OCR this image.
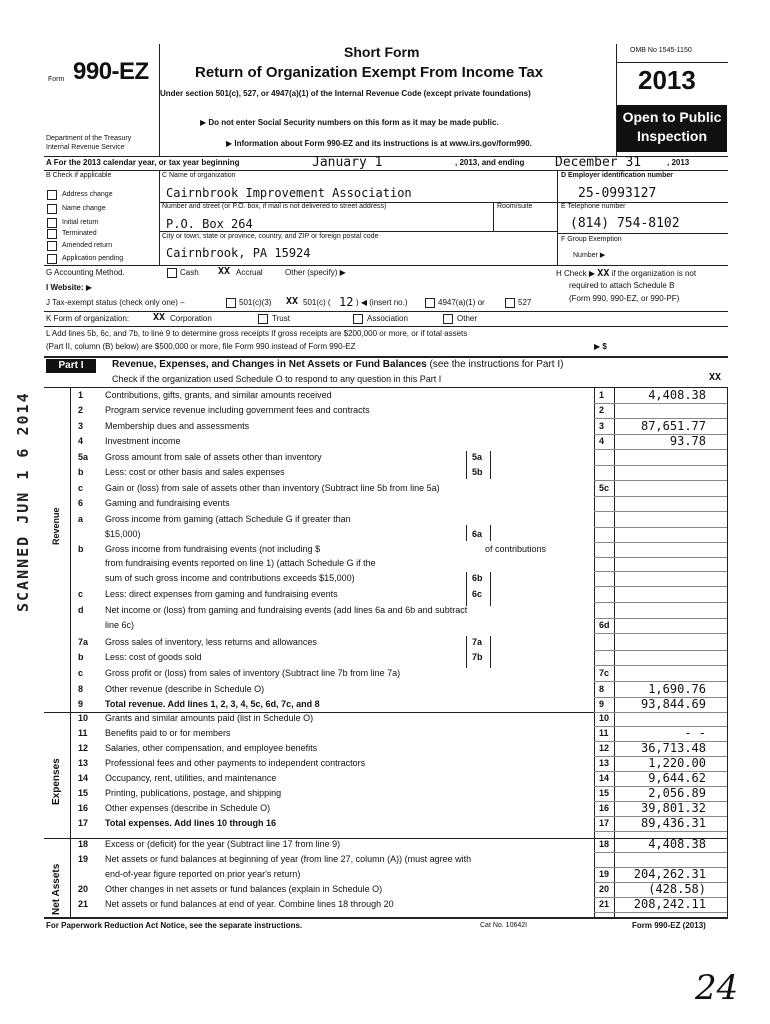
Form 990-EZ
Department of the Treasury
Internal Revenue Service
Short Form
Return of Organization Exempt From Income Tax
Under section 501(c), 527, or 4947(a)(1) of the Internal Revenue Code (except private foundations)
▶ Do not enter Social Security numbers on this form as it may be made public.
▶ Information about Form 990-EZ and its instructions is at www.irs.gov/form990.
OMB No 1545-1150
2013
Open to Public Inspection
A For the 2013 calendar year, or tax year beginning	January 1	, 2013, and ending December 31	, 2013
B Check if applicable
Address change
Name change
Initial return
Terminated
Amended return
Application pending
C Name of organization
Cairnbrook Improvement Association
Number and street (or P.O. box, if mail is not delivered to street address)	Room/suite
P.O. Box 264
City or town, state or province, country, and ZIP or foreign postal code
Cairnbrook, PA 15924
D Employer identification number
25-0993127
E Telephone number
(814) 754-8102
F Group Exemption
Number ▶
G Accounting Method.	Cash XX Accrual	Other (specify) ▶	H Check ▶ XX if the organization is not
required to attach Schedule B
(Form 990, 990-EZ, or 990-PF)
I Website: ▶
J Tax-exempt status (check only one) –	501(c)(3) XX 501(c) ( 12 ) ◀ (insert no.)	4947(a)(1) or	527
K Form of organization: XX Corporation	Trust	Association	Other
L Add lines 5b, 6c, and 7b, to line 9 to determine gross receipts If gross receipts are $200,000 or more, or if total assets
(Part II, column (B) below) are $500,000 or more, file Form 990 instead of Form 990-EZ	▶ $
Part I	Revenue, Expenses, and Changes in Net Assets or Fund Balances (see the instructions for Part I)
Check if the organization used Schedule O to respond to any question in this Part I	XX
Revenue
Expenses
Net Assets
1 Contributions, gifts, grants, and similar amounts received	1	4,408.38
2 Program service revenue including government fees and contracts	2
3 Membership dues and assessments	3	87,651.77
4 Investment income	4	93.78
5a Gross amount from sale of assets other than inventory	5a
b Less: cost or other basis and sales expenses	5b
c Gain or (loss) from sale of assets other than inventory (Subtract line 5b from line 5a)	5c
6 Gaming and fundraising events
a Gross income from gaming (attach Schedule G if greater than
$15,000)	6a
b Gross income from fundraising events (not including $	of contributions
from fundraising events reported on line 1) (attach Schedule G if the
sum of such gross income and contributions exceeds $15,000)	6b
c Less: direct expenses from gaming and fundraising events	6c
d Net income or (loss) from gaming and fundraising events (add lines 6a and 6b and subtract
line 6c)	6d
7a Gross sales of inventory, less returns and allowances	7a
b Less: cost of goods sold	7b
c Gross profit or (loss) from sales of inventory (Subtract line 7b from line 7a)	7c
8 Other revenue (describe in Schedule O)	8	1,690.76
9 Total revenue. Add lines 1, 2, 3, 4, 5c, 6d, 7c, and 8	9	93,844.69
10 Grants and similar amounts paid (list in Schedule O)	10
11 Benefits paid to or for members	11	- -
12 Salaries, other compensation, and employee benefits	12	36,713.48
13 Professional fees and other payments to independent contractors	13	1,220.00
14 Occupancy, rent, utilities, and maintenance	14	9,644.62
15 Printing, publications, postage, and shipping	15	2,056.89
16 Other expenses (describe in Schedule O)	16	39,801.32
17 Total expenses. Add lines 10 through 16	17	89,436.31
18 Excess or (deficit) for the year (Subtract line 17 from line 9)	18	4,408.38
19 Net assets or fund balances at beginning of year (from line 27, column (A)) (must agree with
end-of-year figure reported on prior year's return)	19 204,262.31
20 Other changes in net assets or fund balances (explain in Schedule O)	20	(428.58)
21 Net assets or fund balances at end of year. Combine lines 18 through 20	21 208,242.11
For Paperwork Reduction Act Notice, see the separate instructions.	Cat No. 10642I	Form 990-EZ (2013)
SCANNED JUN 1 6 2014
24
